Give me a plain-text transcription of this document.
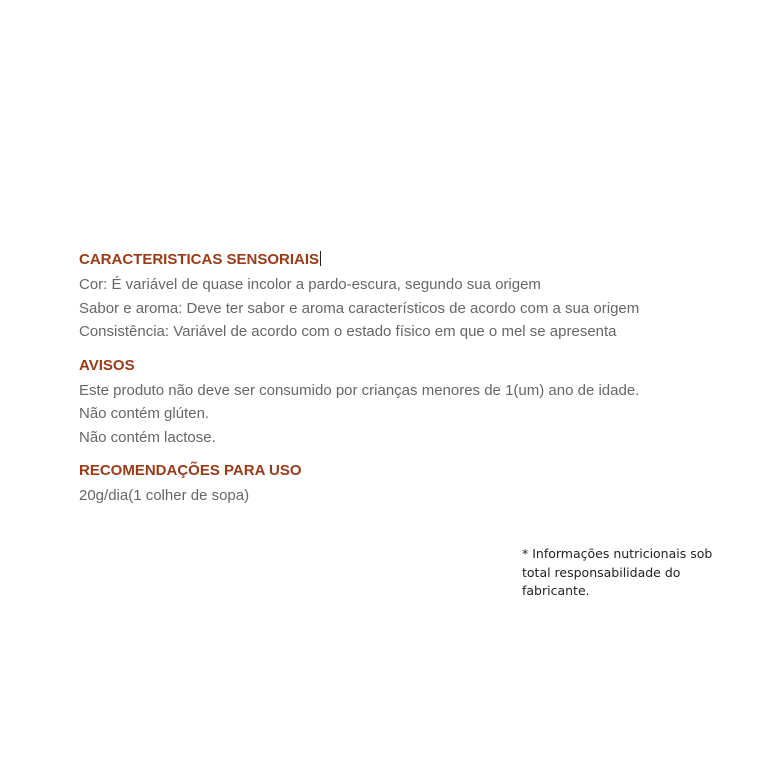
CARACTERISTICAS SENSORIAIS

Cor: É variável de quase incolor a pardo-escura, segundo sua origem

Sabor e aroma: Deve ter sabor e aroma característicos de acordo com a sua origem

Consistência: Variável de acordo com o estado físico em que o mel se apresenta

AVISOS

Este produto não deve ser consumido por crianças menores de 1(um) ano de idade.

Não contém glúten.

Não contém lactose.

RECOMENDAÇÕES PARA USO

20g/dia(1 colher de sopa)

* Informações nutricionais sob total responsabilidade do fabricante.
